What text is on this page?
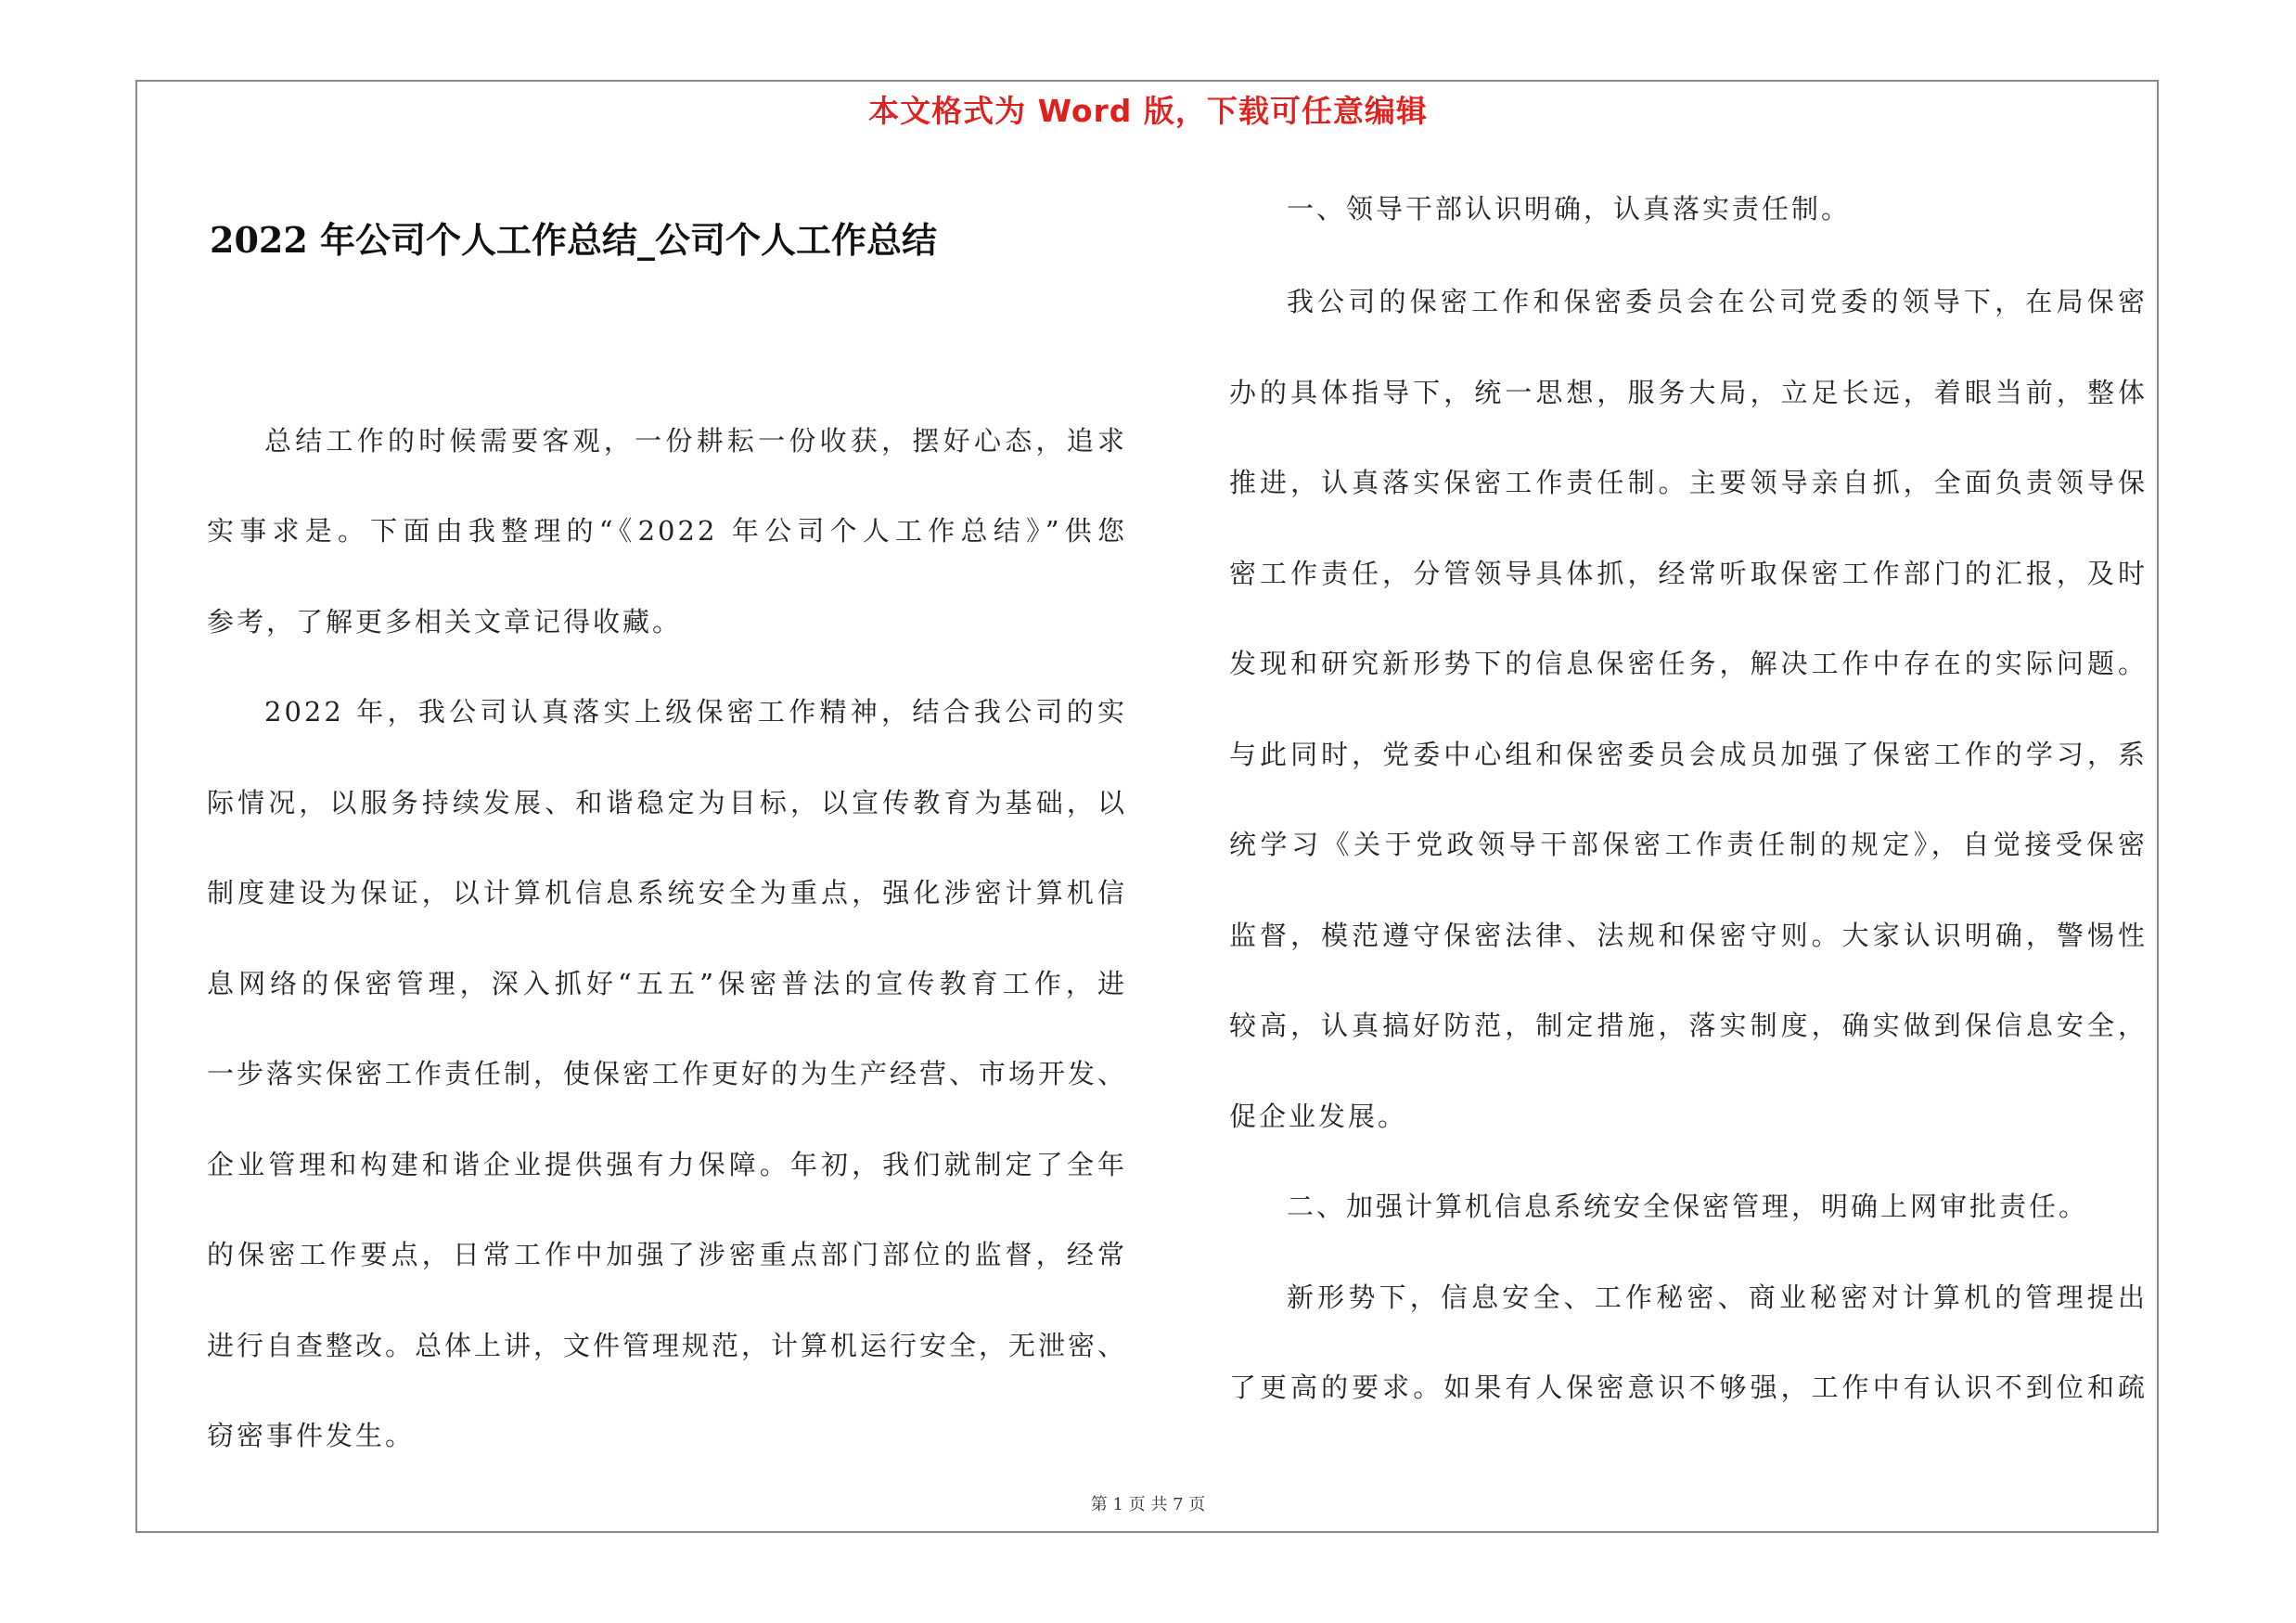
本文格式为 Word 版，下载可任意编辑
2022 年公司个人工作总结_公司个人工作总结
总结工作的时候需要客观，一份耕耘一份收获，摆好心态，追求
实事求是。下面由我整理的“《2022 年公司个人工作总结》”供您
参考，了解更多相关文章记得收藏。
2022 年，我公司认真落实上级保密工作精神，结合我公司的实
际情况，以服务持续发展、和谐稳定为目标，以宣传教育为基础，以
制度建设为保证，以计算机信息系统安全为重点，强化涉密计算机信
息网络的保密管理，深入抓好“五五”保密普法的宣传教育工作，进
一步落实保密工作责任制，使保密工作更好的为生产经营、市场开发、
企业管理和构建和谐企业提供强有力保障。年初，我们就制定了全年
的保密工作要点，日常工作中加强了涉密重点部门部位的监督，经常
进行自查整改。总体上讲，文件管理规范，计算机运行安全，无泄密、
窃密事件发生。
一、领导干部认识明确，认真落实责任制。
我公司的保密工作和保密委员会在公司党委的领导下，在局保密
办的具体指导下，统一思想，服务大局，立足长远，着眼当前，整体
推进，认真落实保密工作责任制。主要领导亲自抓，全面负责领导保
密工作责任，分管领导具体抓，经常听取保密工作部门的汇报，及时
发现和研究新形势下的信息保密任务，解决工作中存在的实际问题。
与此同时，党委中心组和保密委员会成员加强了保密工作的学习，系
统学习《关于党政领导干部保密工作责任制的规定》，自觉接受保密
监督，模范遵守保密法律、法规和保密守则。大家认识明确，警惕性
较高，认真搞好防范，制定措施，落实制度，确实做到保信息安全，
促企业发展。
二、加强计算机信息系统安全保密管理，明确上网审批责任。
新形势下，信息安全、工作秘密、商业秘密对计算机的管理提出
了更高的要求。如果有人保密意识不够强，工作中有认识不到位和疏
第 1 页 共 7 页
